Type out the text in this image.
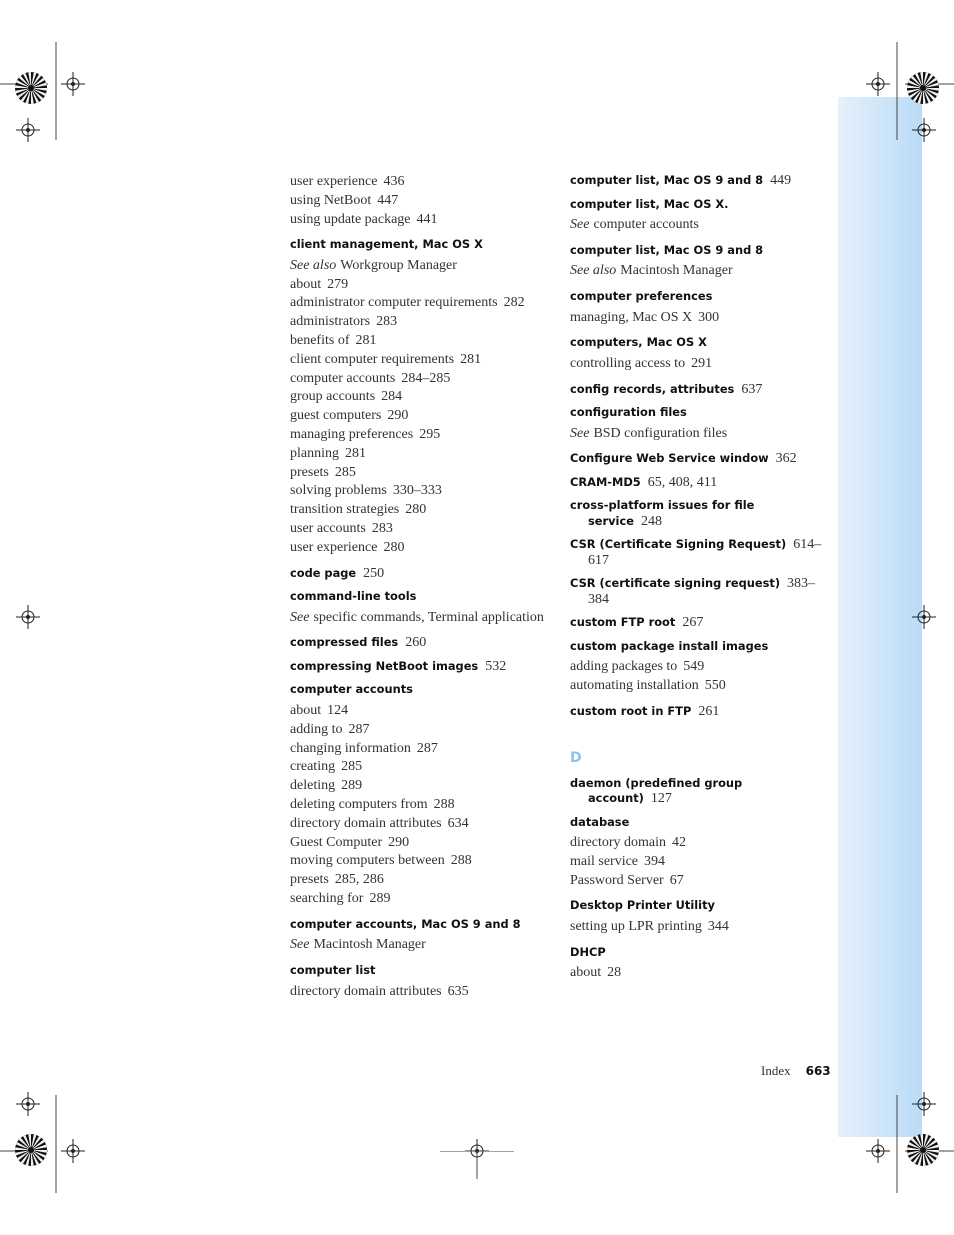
user experience 436
using NetBoot 447
using update package 441
client management, Mac OS X
See also Workgroup Manager
about 279
administrator computer requirements 282
administrators 283
benefits of 281
client computer requirements 281
computer accounts 284–285
group accounts 284
guest computers 290
managing preferences 295
planning 281
presets 285
solving problems 330–333
transition strategies 280
user accounts 283
user experience 280
code page 250
command-line tools
See specific commands, Terminal application
compressed files 260
compressing NetBoot images 532
computer accounts
about 124
adding to 287
changing information 287
creating 285
deleting 289
deleting computers from 288
directory domain attributes 634
Guest Computer 290
moving computers between 288
presets 285, 286
searching for 289
computer accounts, Mac OS 9 and 8
See Macintosh Manager
computer list
directory domain attributes 635
computer list, Mac OS 9 and 8 449
computer list, Mac OS X.
See computer accounts
computer list, Mac OS 9 and 8
See also Macintosh Manager
computer preferences
managing, Mac OS X 300
computers, Mac OS X
controlling access to 291
config records, attributes 637
configuration files
See BSD configuration files
Configure Web Service window 362
CRAM-MD5 65, 408, 411
cross-platform issues for file service 248
CSR (Certificate Signing Request) 614–617
CSR (certificate signing request) 383–384
custom FTP root 267
custom package install images
adding packages to 549
automating installation 550
custom root in FTP 261
D
daemon (predefined group account) 127
database
directory domain 42
mail service 394
Password Server 67
Desktop Printer Utility
setting up LPR printing 344
DHCP
about 28
Index 663
